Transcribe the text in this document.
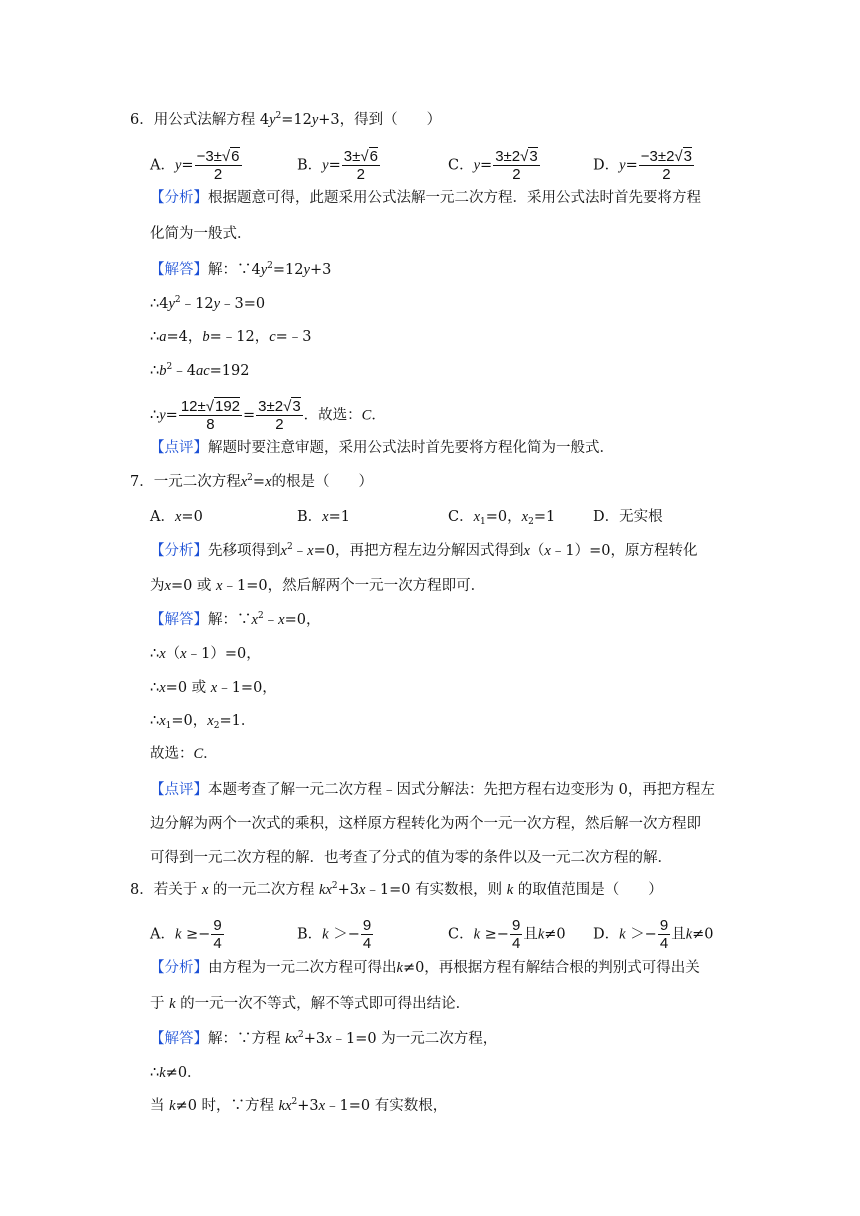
6．用公式法解方程 $4y^2=12y+3$，得到（　　）
A．$y= \frac{-3\pm√6}{2}$	B．$y= \frac{3\pm√6}{2}$	C．$y= \frac{3\pm 2√3}{2}$	D．$y= \frac{-3\pm 2√3}{2}$
【分析】根据题意可得，此题采用公式法解一元二次方程．采用公式法时首先要将方程
化简为一般式．
【解答】解：$\because 4y^2=12y+3$
$\therefore 4y^2﹣12y﹣3=0$
∴a=4，b=﹣12，c=﹣3
$\therefore b^2﹣4ac=192$
∴y= $\frac{12\pm√192}{8} = \frac{3\pm 2√3}{2}$ ．故选：C．
【点评】解题时要注意审题，采用公式法时首先要将方程化简为一般式．
7．一元二次方程$x^2=x$的根是（　　）
A．x=0	B．x=1	C．$x_1=0$，$x_2=1$	D．无实根
【分析】先移项得到$x^2﹣x=0$，再把方程左边分解因式得到x（x﹣1）=0，原方程转化
为x=0 或 x﹣1=0，然后解两个一元一次方程即可．
【解答】解：$\because x^2﹣x=0$，
∴x（x﹣1）=0，
∴x=0 或 x﹣1=0，
$\therefore x_1=0$，$x_2=1$．
故选：C．
【点评】本题考查了解一元二次方程﹣因式分解法：先把方程右边变形为 0，再把方程左
边分解为两个一次式的乘积，这样原方程转化为两个一元一次方程，然后解一次方程即
可得到一元二次方程的解．也考查了分式的值为零的条件以及一元二次方程的解．
8．若关于 x 的一元二次方程 $kx^2+3x﹣1=0$ 有实数根，则 k 的取值范围是（　　）
A．$k \ge- \frac{9}{4}$	B．$k >- \frac{9}{4}$	C．$k \ge- \frac{9}{4}$ 且k≠0 D．$k >- \frac{9}{4}$ 且k≠0
【分析】由方程为一元二次方程可得出k≠0，再根据方程有解结合根的判别式可得出关
于 k 的一元一次不等式，解不等式即可得出结论．
【解答】解：∵方程 $kx^2+3x﹣1=0$ 为一元二次方程，
∴k≠0．
当 k≠0 时，∵方程 $kx^2+3x﹣1=0$ 有实数根，
